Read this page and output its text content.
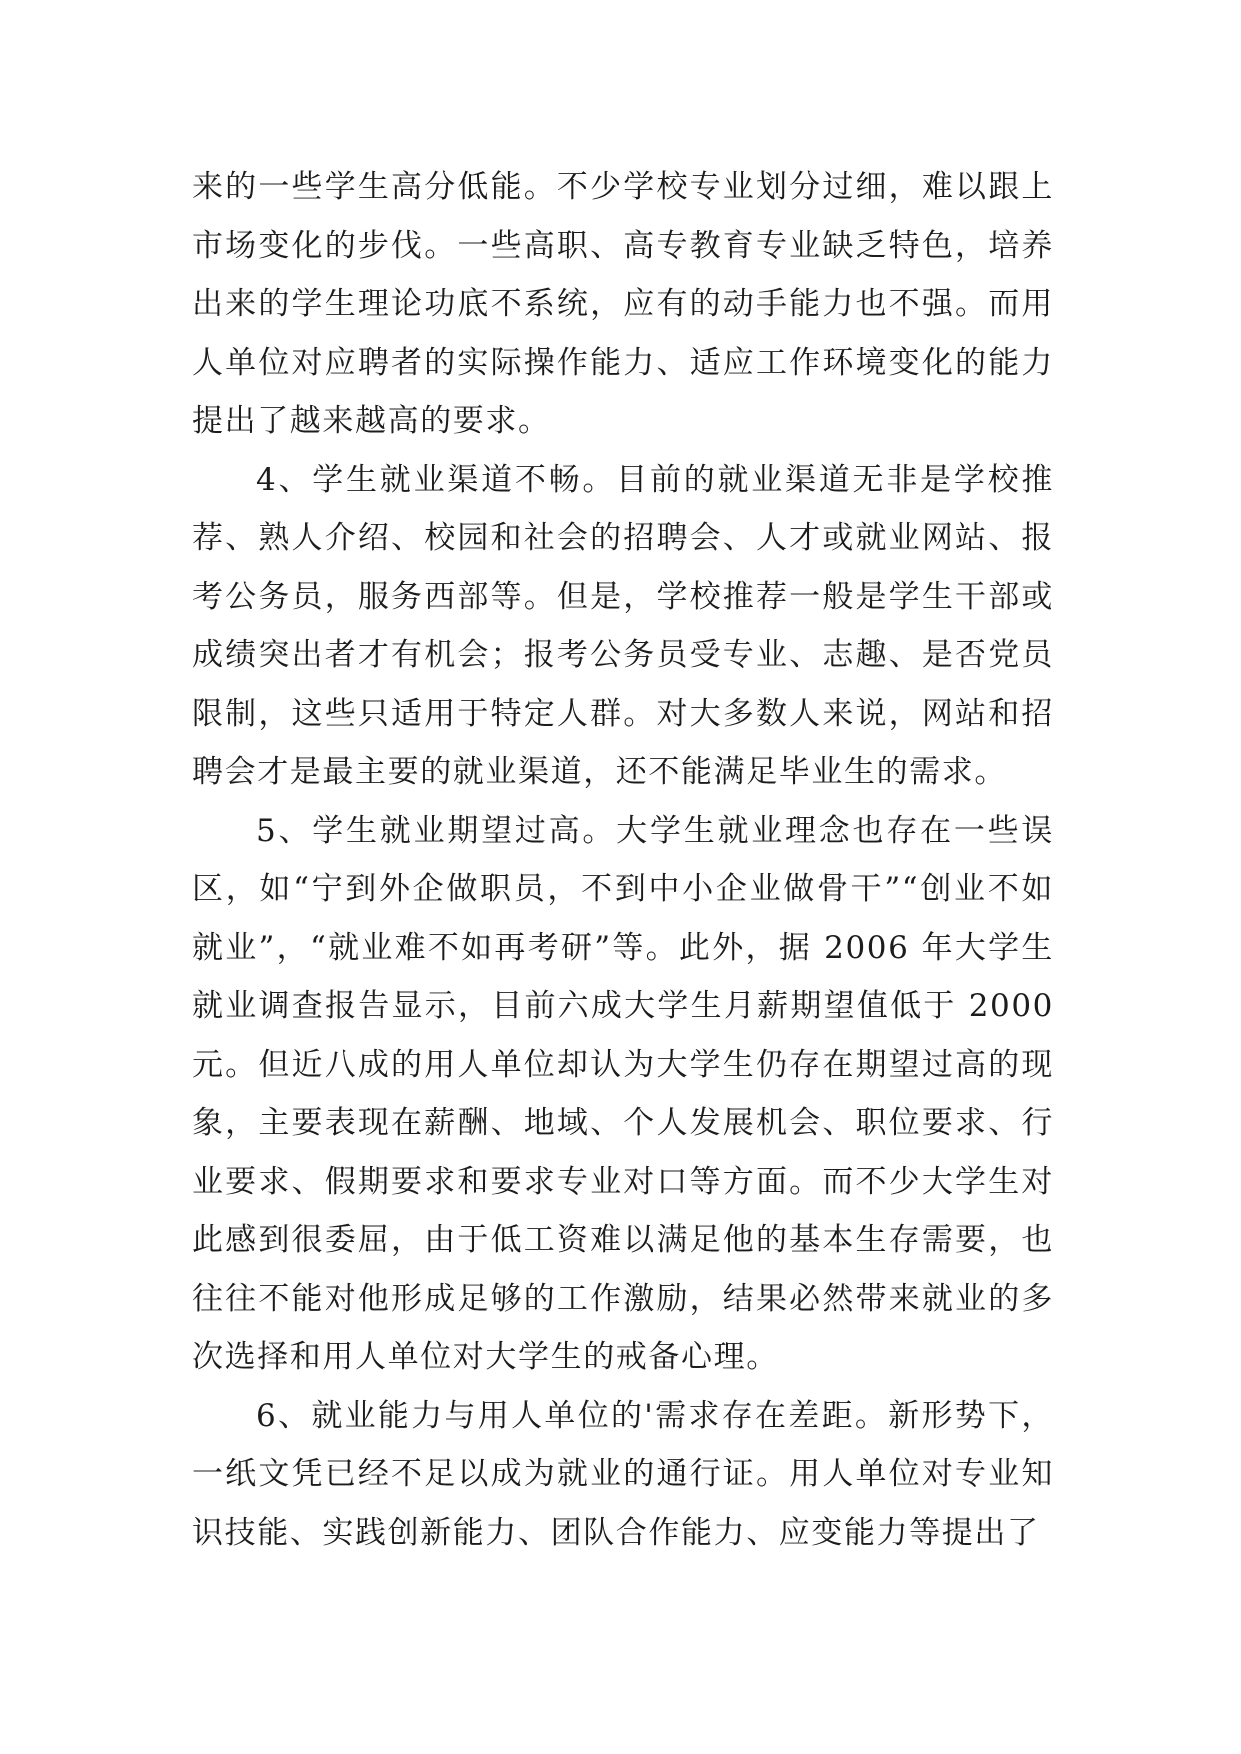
来的一些学生高分低能。不少学校专业划分过细，难以跟上市场变化的步伐。一些高职、高专教育专业缺乏特色，培养出来的学生理论功底不系统，应有的动手能力也不强。而用人单位对应聘者的实际操作能力、适应工作环境变化的能力提出了越来越高的要求。

4、学生就业渠道不畅。目前的就业渠道无非是学校推荐、熟人介绍、校园和社会的招聘会、人才或就业网站、报考公务员，服务西部等。但是，学校推荐一般是学生干部或成绩突出者才有机会；报考公务员受专业、志趣、是否党员限制，这些只适用于特定人群。对大多数人来说，网站和招聘会才是最主要的就业渠道，还不能满足毕业生的需求。

5、学生就业期望过高。大学生就业理念也存在一些误区，如“宁到外企做职员，不到中小企业做骨干”“创业不如就业”，“就业难不如再考研”等。此外，据 2006 年大学生就业调查报告显示，目前六成大学生月薪期望值低于 2000 元。但近八成的用人单位却认为大学生仍存在期望过高的现象，主要表现在薪酬、地域、个人发展机会、职位要求、行业要求、假期要求和要求专业对口等方面。而不少大学生对此感到很委屈，由于低工资难以满足他的基本生存需要，也往往不能对他形成足够的工作激励，结果必然带来就业的多次选择和用人单位对大学生的戒备心理。

6、就业能力与用人单位的'需求存在差距。新形势下，一纸文凭已经不足以成为就业的通行证。用人单位对专业知识技能、实践创新能力、团队合作能力、应变能力等提出了
